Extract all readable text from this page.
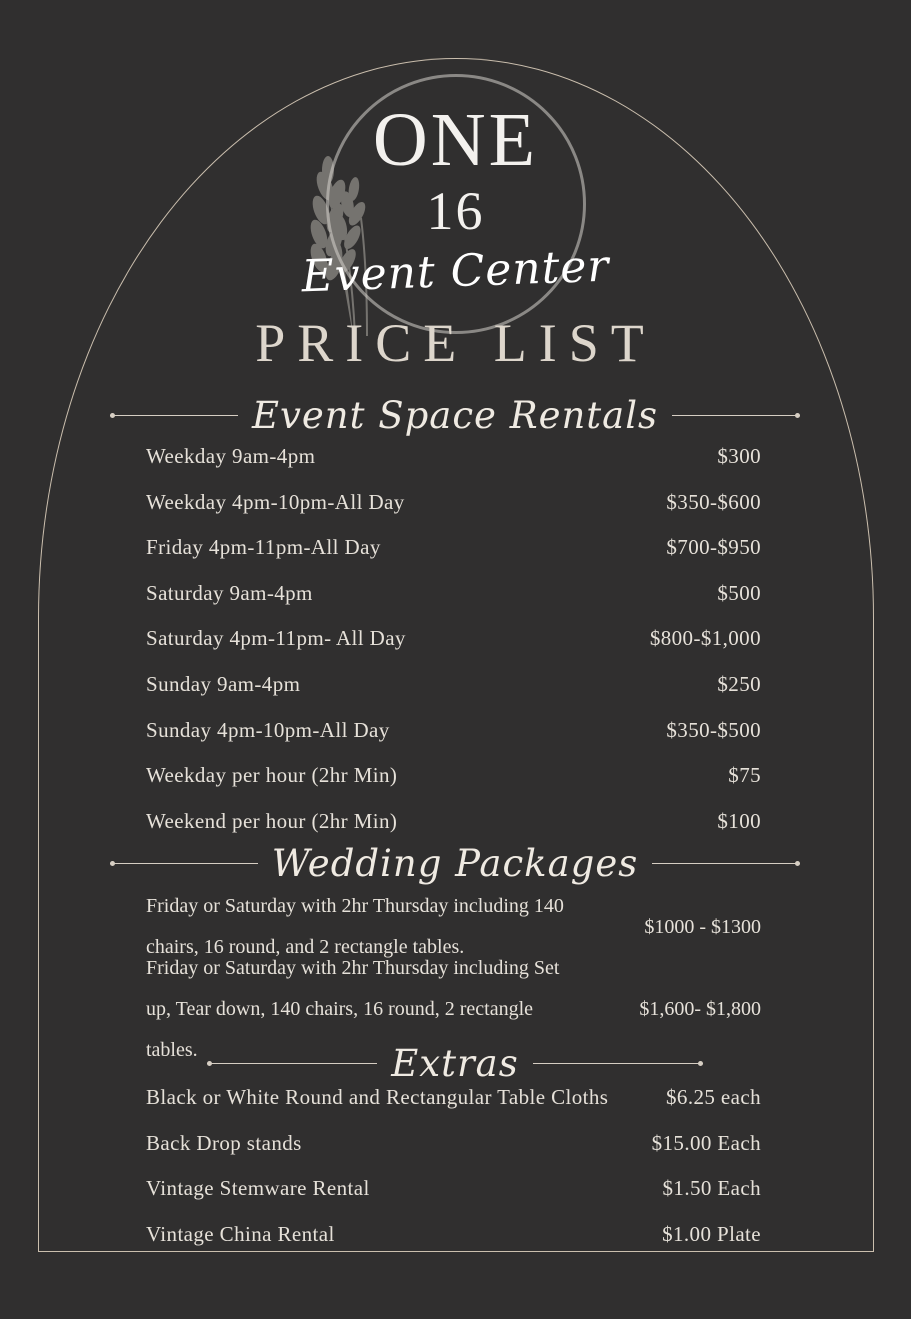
ONE
16
Event Center
PRICE LIST
Event Space Rentals
Weekday 9am-4pm	$300
Weekday 4pm-10pm-All Day	$350-$600
Friday 4pm-11pm-All Day	$700-$950
Saturday 9am-4pm	$500
Saturday 4pm-11pm- All Day	$800-$1,000
Sunday 9am-4pm	$250
Sunday 4pm-10pm-All Day	$350-$500
Weekday per hour (2hr Min)	$75
Weekend per hour (2hr Min)	$100
Wedding Packages
Friday or Saturday with 2hr Thursday including 140 chairs, 16 round, and 2 rectangle tables.
$1000 - $1300
Friday or Saturday with 2hr Thursday including Set up, Tear down, 140 chairs, 16 round, 2 rectangle tables.
$1,600- $1,800
Extras
Black or White Round and Rectangular Table Cloths	$6.25 each
Back Drop stands	$15.00 Each
Vintage Stemware Rental	$1.50 Each
Vintage China Rental	$1.00 Plate
